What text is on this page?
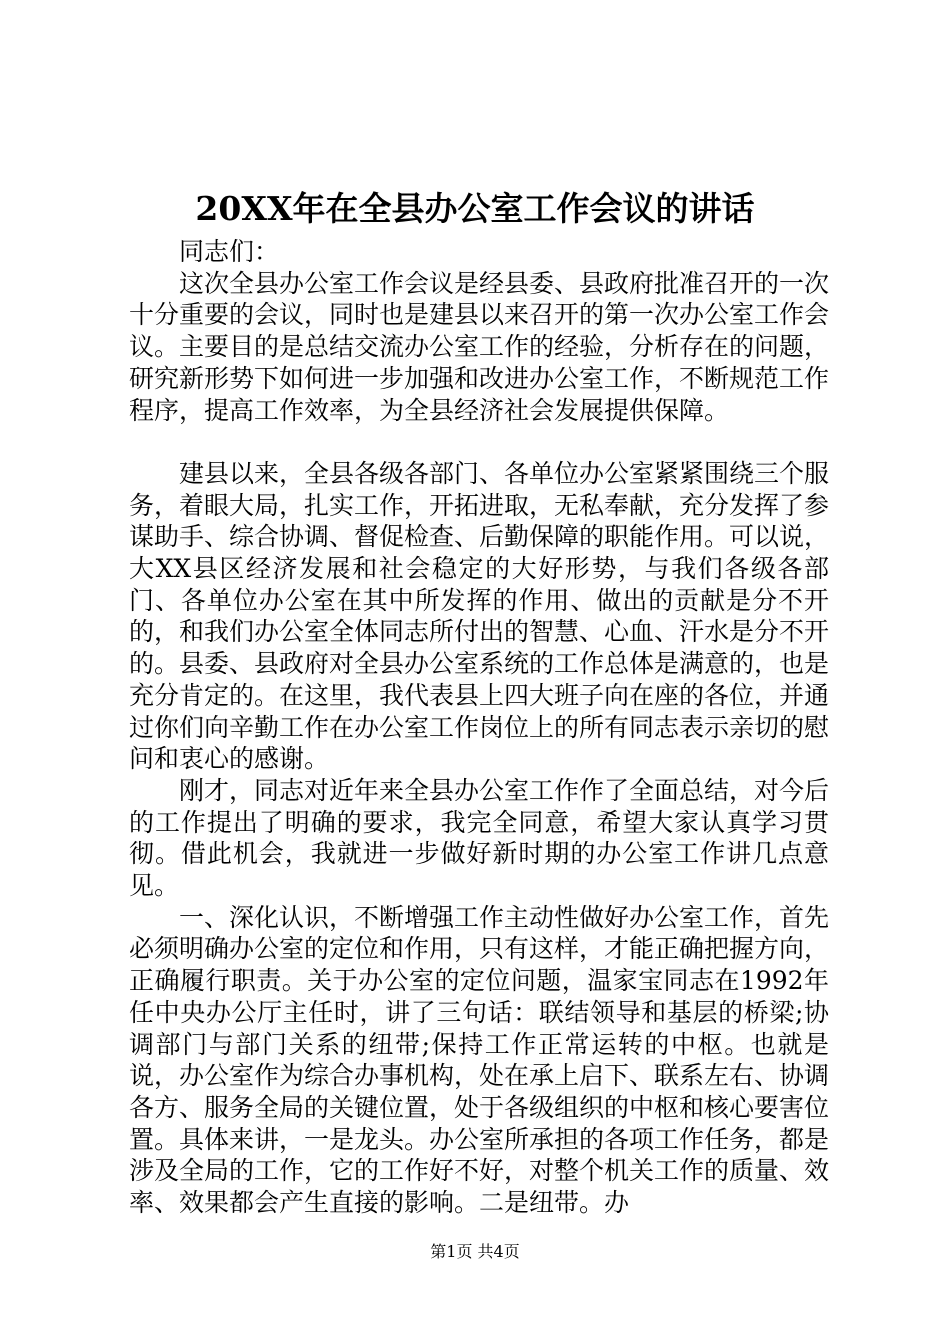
20XX年在全县办公室工作会议的讲话

同志们：

这次全县办公室工作会议是经县委、县政府批准召开的一次十分重要的会议，同时也是建县以来召开的第一次办公室工作会议。主要目的是总结交流办公室工作的经验，分析存在的问题，研究新形势下如何进一步加强和改进办公室工作，不断规范工作程序，提高工作效率，为全县经济社会发展提供保障。

建县以来，全县各级各部门、各单位办公室紧紧围绕三个服务，着眼大局，扎实工作，开拓进取，无私奉献，充分发挥了参谋助手、综合协调、督促检查、后勤保障的职能作用。可以说，大XX县区经济发展和社会稳定的大好形势，与我们各级各部门、各单位办公室在其中所发挥的作用、做出的贡献是分不开的，和我们办公室全体同志所付出的智慧、心血、汗水是分不开的。县委、县政府对全县办公室系统的工作总体是满意的，也是充分肯定的。在这里，我代表县上四大班子向在座的各位，并通过你们向辛勤工作在办公室工作岗位上的所有同志表示亲切的慰问和衷心的感谢。

刚才，同志对近年来全县办公室工作作了全面总结，对今后的工作提出了明确的要求，我完全同意，希望大家认真学习贯彻。借此机会，我就进一步做好新时期的办公室工作讲几点意见。

一、深化认识，不断增强工作主动性做好办公室工作，首先必须明确办公室的定位和作用，只有这样，才能正确把握方向，正确履行职责。关于办公室的定位问题，温家宝同志在1992年任中央办公厅主任时，讲了三句话：联结领导和基层的桥梁;协调部门与部门关系的纽带;保持工作正常运转的中枢。也就是说，办公室作为综合办事机构，处在承上启下、联系左右、协调各方、服务全局的关键位置，处于各级组织的中枢和核心要害位置。具体来讲，一是龙头。办公室所承担的各项工作任务，都是涉及全局的工作，它的工作好不好，对整个机关工作的质量、效率、效果都会产生直接的影响。二是纽带。办

第1页 共4页
